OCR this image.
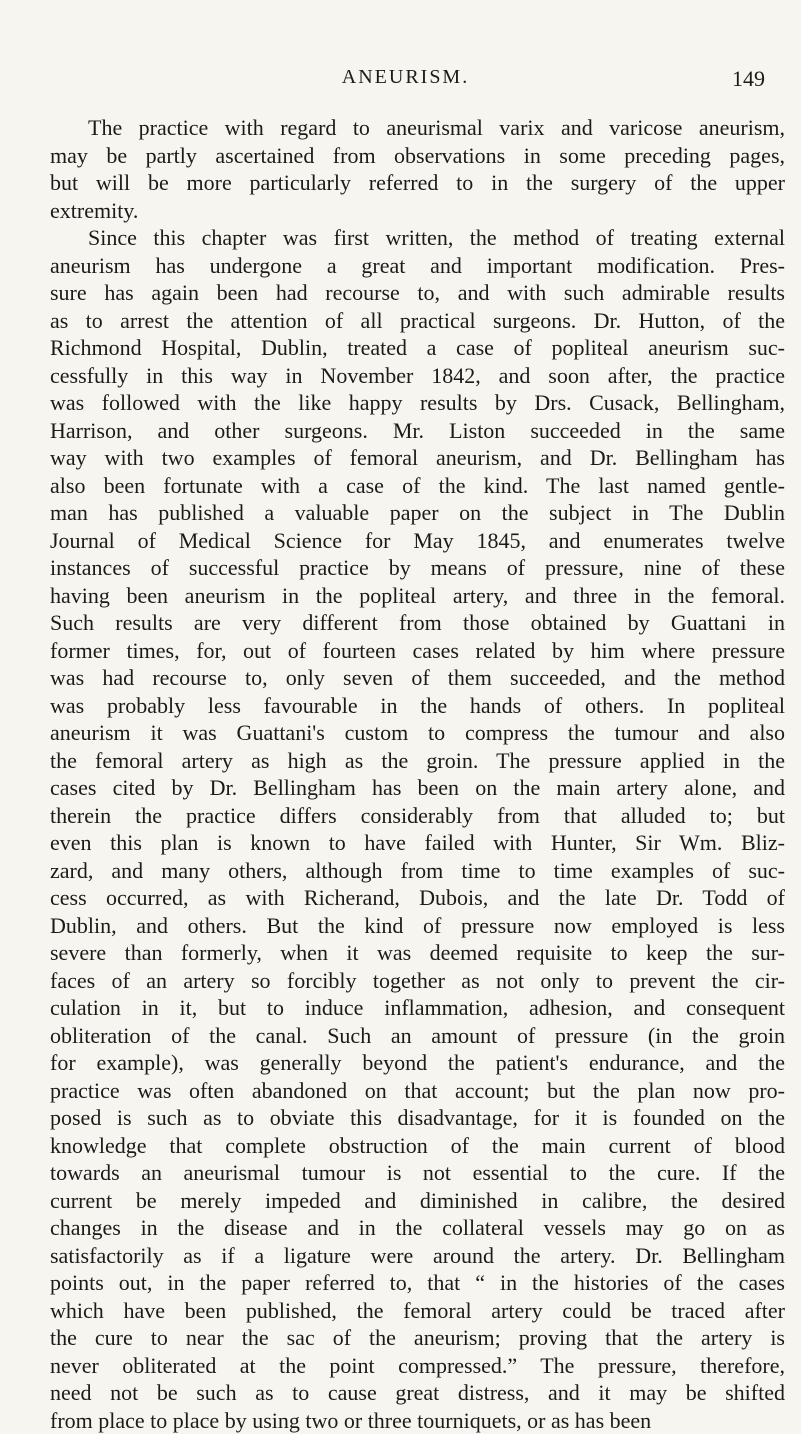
ANEURISM.	149

The practice with regard to aneurismal varix and varicose aneurism,
may be partly ascertained from observations in some preceding pages,
but will be more particularly referred to in the surgery of the upper
extremity.

Since this chapter was first written, the method of treating external
aneurism has undergone a great and important modification. Pres-
sure has again been had recourse to, and with such admirable results
as to arrest the attention of all practical surgeons. Dr. Hutton, of the
Richmond Hospital, Dublin, treated a case of popliteal aneurism suc-
cessfully in this way in November 1842, and soon after, the practice
was followed with the like happy results by Drs. Cusack, Bellingham,
Harrison, and other surgeons. Mr. Liston succeeded in the same
way with two examples of femoral aneurism, and Dr. Bellingham has
also been fortunate with a case of the kind. The last named gentle-
man has published a valuable paper on the subject in The Dublin
Journal of Medical Science for May 1845, and enumerates twelve
instances of successful practice by means of pressure, nine of these
having been aneurism in the popliteal artery, and three in the femoral.
Such results are very different from those obtained by Guattani in
former times, for, out of fourteen cases related by him where pressure
was had recourse to, only seven of them succeeded, and the method
was probably less favourable in the hands of others. In popliteal
aneurism it was Guattani's custom to compress the tumour and also
the femoral artery as high as the groin. The pressure applied in the
cases cited by Dr. Bellingham has been on the main artery alone, and
therein the practice differs considerably from that alluded to; but
even this plan is known to have failed with Hunter, Sir Wm. Bliz-
zard, and many others, although from time to time examples of suc-
cess occurred, as with Richerand, Dubois, and the late Dr. Todd of
Dublin, and others. But the kind of pressure now employed is less
severe than formerly, when it was deemed requisite to keep the sur-
faces of an artery so forcibly together as not only to prevent the cir-
culation in it, but to induce inflammation, adhesion, and consequent
obliteration of the canal. Such an amount of pressure (in the groin
for example), was generally beyond the patient's endurance, and the
practice was often abandoned on that account; but the plan now pro-
posed is such as to obviate this disadvantage, for it is founded on the
knowledge that complete obstruction of the main current of blood
towards an aneurismal tumour is not essential to the cure. If the
current be merely impeded and diminished in calibre, the desired
changes in the disease and in the collateral vessels may go on as
satisfactorily as if a ligature were around the artery. Dr. Bellingham
points out, in the paper referred to, that “ in the histories of the cases
which have been published, the femoral artery could be traced after
the cure to near the sac of the aneurism; proving that the artery is
never obliterated at the point compressed.” The pressure, therefore,
need not be such as to cause great distress, and it may be shifted
from place to place by using two or three tourniquets, or as has been
